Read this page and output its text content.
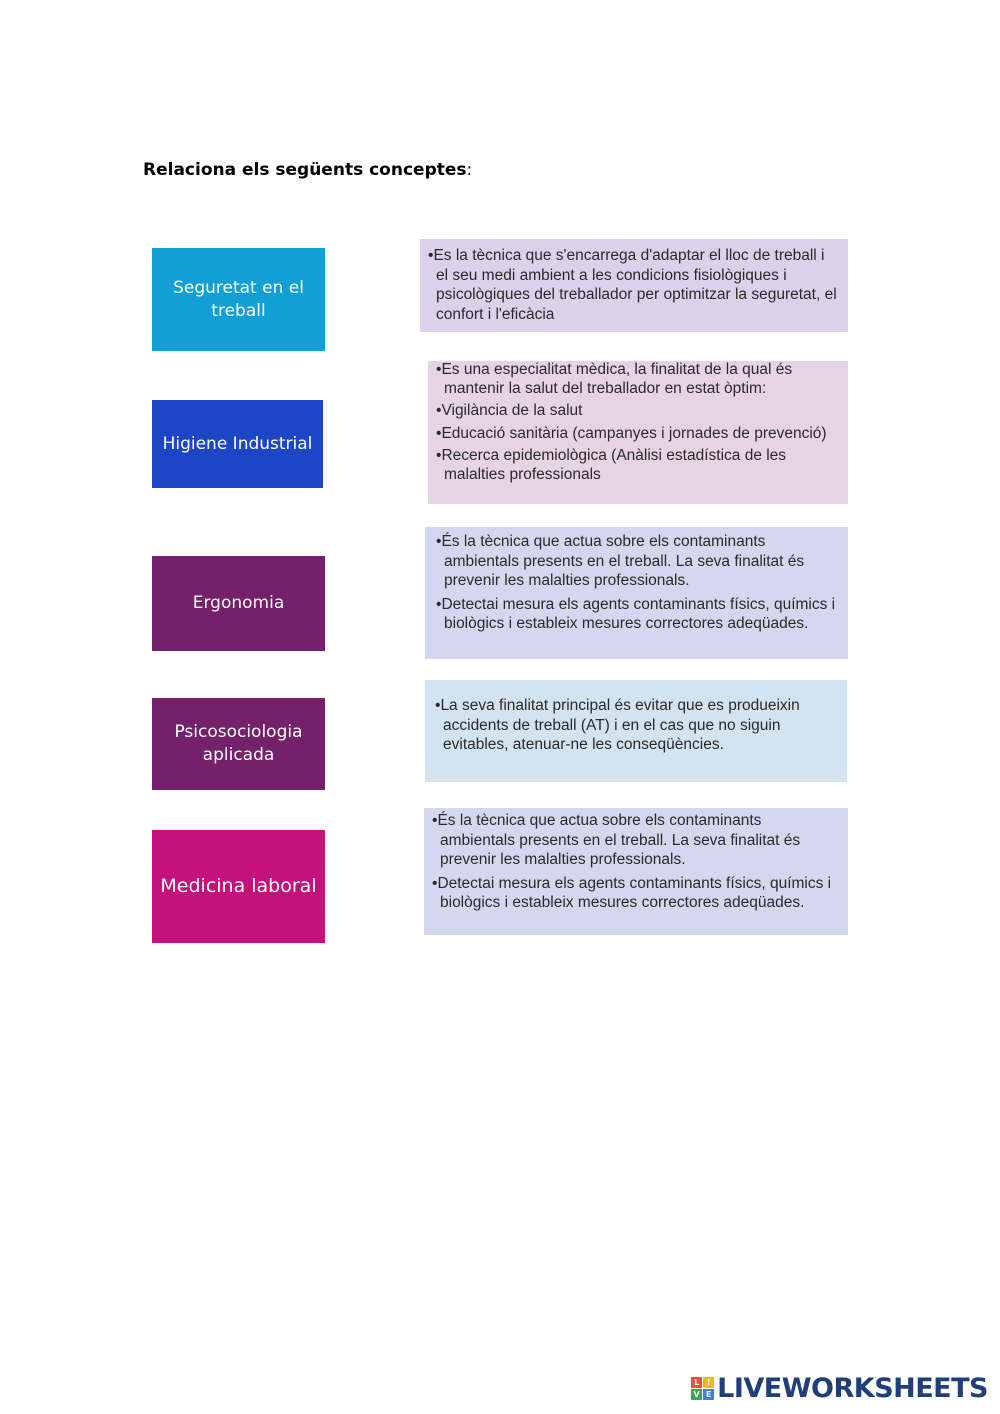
Relaciona els següents conceptes:
Seguretat en el treball
Higiene Industrial
Ergonomia
Psicosociologia aplicada
Medicina laboral

• Es la tècnica que s'encarrega d'adaptar el lloc de treball i el seu medi ambient a les condicions fisiològiques i psicològiques del treballador per optimitzar la seguretat, el confort i l'eficàcia

• Es una especialitat mèdica, la finalitat de la qual és mantenir la salut del treballador en estat òptim:

• Vigilància de la salut

• Educació sanitària (campanyes i jornades de prevenció)

• Recerca epidemiològica (Anàlisi estadística de les malalties professionals

• És la tècnica que actua sobre els contaminants ambientals presents en el treball. La seva finalitat és prevenir les malalties professionals.

• Detectai mesura els agents contaminants físics, químics i biològics i estableix mesures correctores adeqüades.

• La seva finalitat principal és evitar que es produeixin accidents de treball (AT) i en el cas que no siguin evitables, atenuar-ne les conseqüències.

• És la tècnica que actua sobre els contaminants ambientals presents en el treball. La seva finalitat és prevenir les malalties professionals.

• Detectai mesura els agents contaminants físics, químics i biològics i estableix mesures correctores adeqüades.

L I
V E LIVEWORKSHEETS
